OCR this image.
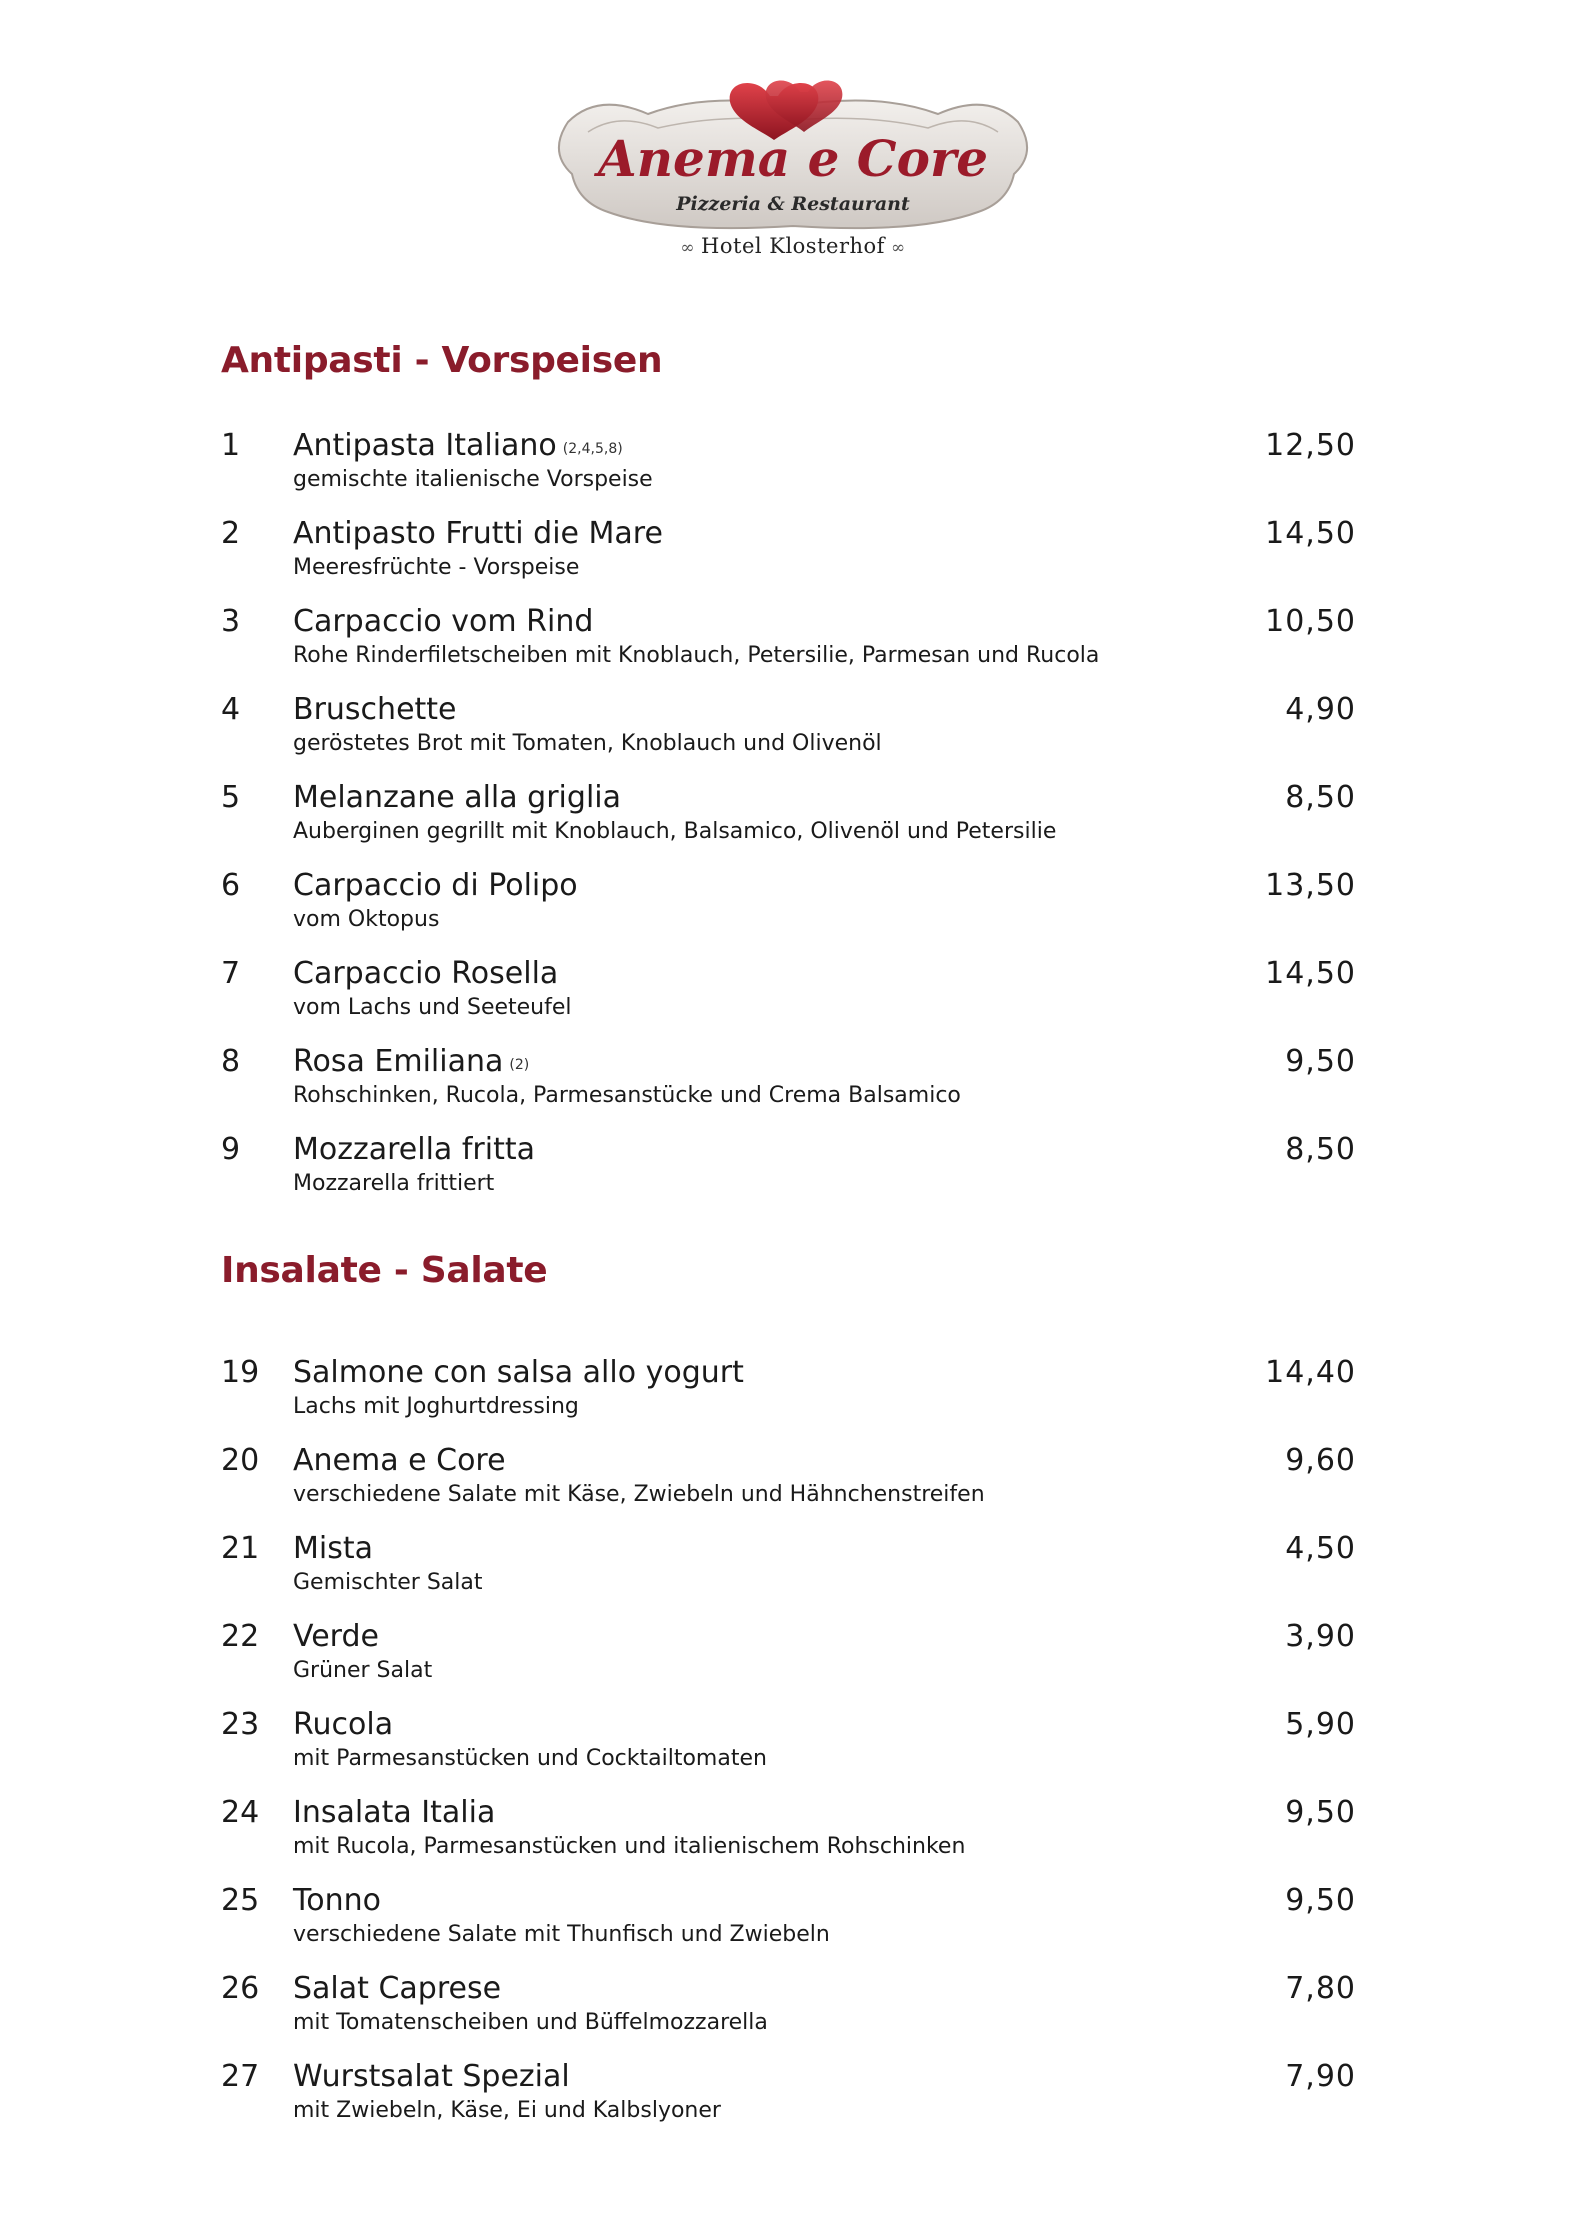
Anema e Core
Pizzeria & Restaurant
∞ Hotel Klosterhof ∞
Antipasti - Vorspeisen
1 Antipasta Italiano (2,4,5,8)
gemischte italienische Vorspeise
12,50
2 Antipasto Frutti die Mare
Meeresfrüchte - Vorspeise
14,50
3 Carpaccio vom Rind
Rohe Rinderfiletscheiben mit Knoblauch, Petersilie, Parmesan und Rucola
10,50
4 Bruschette
geröstetes Brot mit Tomaten, Knoblauch und Olivenöl
4,90
5 Melanzane alla griglia
Auberginen gegrillt mit Knoblauch, Balsamico, Olivenöl und Petersilie
8,50
6 Carpaccio di Polipo
vom Oktopus
13,50
7 Carpaccio Rosella
vom Lachs und Seeteufel
14,50
8 Rosa Emiliana (2)
Rohschinken, Rucola, Parmesanstücke und Crema Balsamico
9,50
9 Mozzarella fritta
Mozzarella frittiert
8,50
Insalate - Salate
19 Salmone con salsa allo yogurt
Lachs mit Joghurtdressing
14,40
20 Anema e Core
verschiedene Salate mit Käse, Zwiebeln und Hähnchenstreifen
9,60
21 Mista
Gemischter Salat
4,50
22 Verde
Grüner Salat
3,90
23 Rucola
mit Parmesanstücken und Cocktailtomaten
5,90
24 Insalata Italia
mit Rucola, Parmesanstücken und italienischem Rohschinken
9,50
25 Tonno
verschiedene Salate mit Thunfisch und Zwiebeln
9,50
26 Salat Caprese
mit Tomatenscheiben und Büffelmozzarella
7,80
27 Wurstsalat Spezial
mit Zwiebeln, Käse, Ei und Kalbslyoner
7,90
